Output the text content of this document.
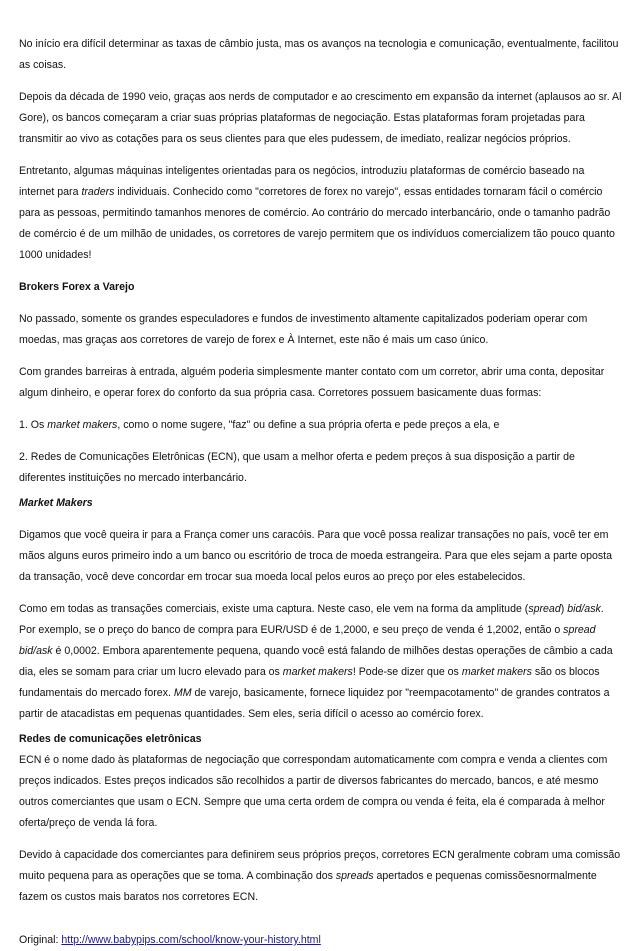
No início era difícil determinar as taxas de câmbio justa, mas os avanços na tecnologia e comunicação, eventualmente, facilitou as coisas.

Depois da década de 1990 veio, graças aos nerds de computador e ao crescimento em expansão da internet (aplausos ao sr. Al Gore), os bancos começaram a criar suas próprias plataformas de negociação. Estas plataformas foram projetadas para transmitir ao vivo as cotações para os seus clientes para que eles pudessem, de imediato, realizar negócios próprios.

Entretanto, algumas máquinas inteligentes orientadas para os negócios, introduziu plataformas de comércio baseado na internet para traders individuais. Conhecido como "corretores de forex no varejo", essas entidades tornaram fácil o comércio para as pessoas, permitindo tamanhos menores de comércio. Ao contrário do mercado interbancário, onde o tamanho padrão de comércio é de um milhão de unidades, os corretores de varejo permitem que os indivíduos comercializem tão pouco quanto 1000 unidades!

Brokers Forex a Varejo

No passado, somente os grandes especuladores e fundos de investimento altamente capitalizados poderiam operar com moedas, mas graças aos corretores de varejo de forex e À Internet, este não é mais um caso único.

Com grandes barreiras à entrada, alguém poderia simplesmente manter contato com um corretor, abrir uma conta, depositar algum dinheiro, e operar forex do conforto da sua própria casa. Corretores possuem basicamente duas formas:

1. Os market makers, como o nome sugere, "faz" ou define a sua própria oferta e pede preços a ela, e

2. Redes de Comunicações Eletrônicas (ECN), que usam a melhor oferta e pedem preços à sua disposição a partir de diferentes instituições no mercado interbancário.

Market Makers

Digamos que você queira ir para a França comer uns caracóis. Para que você possa realizar transações no país, você ter em mãos alguns euros primeiro indo a um banco ou escritório de troca de moeda estrangeira. Para que eles sejam a parte oposta da transação, você deve concordar em trocar sua moeda local pelos euros ao preço por eles estabelecidos.

Como em todas as transações comerciais, existe uma captura. Neste caso, ele vem na forma da amplitude (spread) bid/ask. Por exemplo, se o preço do banco de compra para EUR/USD é de 1,2000, e seu preço de venda é 1,2002, então o spread bid/ask é 0,0002. Embora aparentemente pequena, quando você está falando de milhões destas operações de câmbio a cada dia, eles se somam para criar um lucro elevado para os market makers! Pode-se dizer que os market makers são os blocos fundamentais do mercado forex. MM de varejo, basicamente, fornece liquidez por "reempacotamento" de grandes contratos a partir de atacadistas em pequenas quantidades. Sem eles, seria difícil o acesso ao comércio forex.

Redes de comunicações eletrônicas

ECN é o nome dado às plataformas de negociação que correspondam automaticamente com compra e venda a clientes com preços indicados. Estes preços indicados são recolhidos a partir de diversos fabricantes do mercado, bancos, e até mesmo outros comerciantes que usam o ECN. Sempre que uma certa ordem de compra ou venda é feita, ela é comparada à melhor oferta/preço de venda lá fora.

Devido à capacidade dos comerciantes para definirem seus próprios preços, corretores ECN geralmente cobram uma comissão muito pequena para as operações que se toma. A combinação dos spreads apertados e pequenas comissõesnormalmente fazem os custos mais baratos nos corretores ECN.

Original: http://www.babypips.com/school/know-your-history.html
